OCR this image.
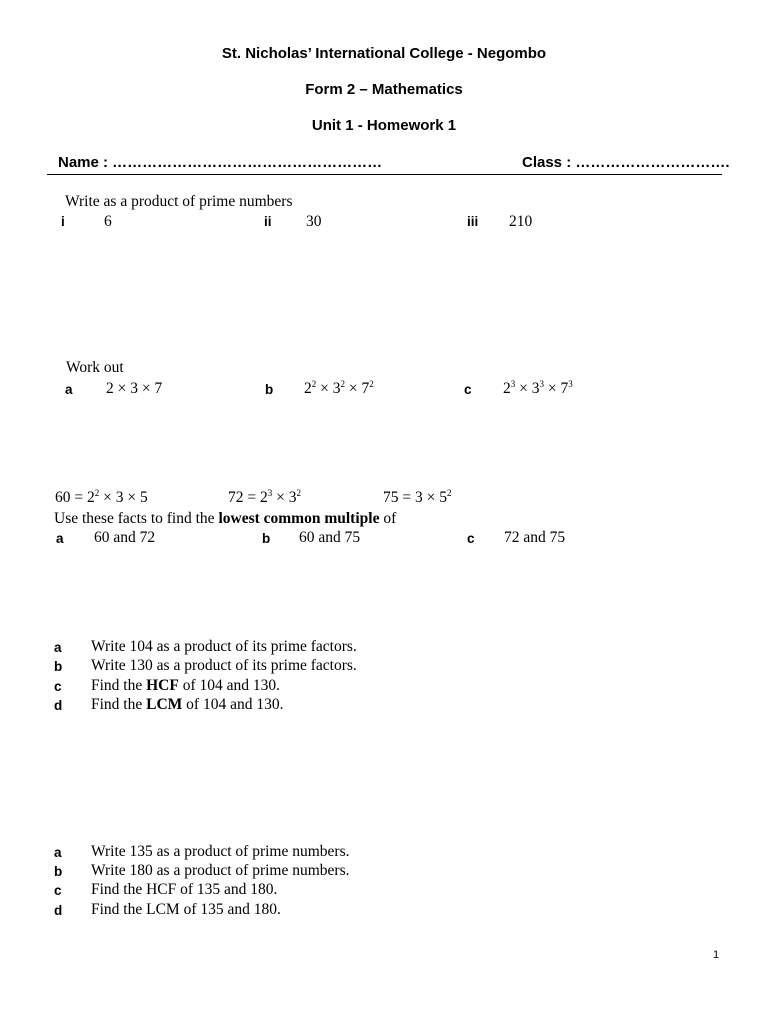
St. Nicholas’ International College - Negombo
Form 2 – Mathematics
Unit 1 - Homework 1
Name : ………………………………………………	Class : ………………………….
Write as a product of prime numbers
i	6	ii 30	iii 210
Work out
a 2 × 3 × 7	b $2^2 \times 3^2 \times 7^2$	c $2^3 \times 3^3 \times 7^3$
$60 = 2^2 \times 3 \times 5$	$72 = 2^3 \times 3^2$	$75 = 3 \times 5^2$
Use these facts to find the lowest common multiple of
a 60 and 72	b 60 and 75	c 72 and 75
a Write 104 as a product of its prime factors.
b Write 130 as a product of its prime factors.
c Find the HCF of 104 and 130.
d Find the LCM of 104 and 130.
a Write 135 as a product of prime numbers.
b Write 180 as a product of prime numbers.
c Find the HCF of 135 and 180.
d Find the LCM of 135 and 180.
1
